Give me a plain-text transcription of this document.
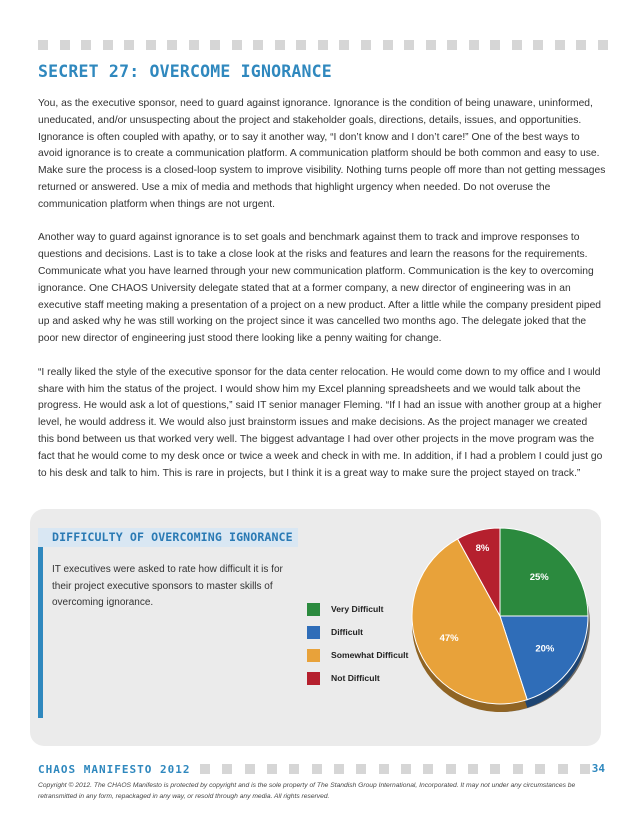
SECRET 27: OVERCOME IGNORANCE

You, as the executive sponsor, need to guard against ignorance. Ignorance is the condition of being unaware, uninformed, uneducated, and/or unsuspecting about the project and stakeholder goals, directions, details, issues, and opportunities. Ignorance is often coupled with apathy, or to say it another way, “I don’t know and I don’t care!” One of the best ways to avoid ignorance is to create a communication platform. A communication platform should be both common and easy to use. Make sure the process is a closed-loop system to improve visibility. Nothing turns people off more than not getting messages returned or answered. Use a mix of media and methods that highlight urgency when needed. Do not overuse the communication platform when things are not urgent.

Another way to guard against ignorance is to set goals and benchmark against them to track and improve responses to questions and decisions. Last is to take a close look at the risks and features and learn the reasons for the requirements. Communicate what you have learned through your new communication platform. Communication is the key to overcoming ignorance. One CHAOS University delegate stated that at a former company, a new director of engineering was in an executive staff meeting making a presentation of a project on a new product. After a little while the company president piped up and asked why he was still working on the project since it was cancelled two months ago. The delegate joked that the poor new director of engineering just stood there looking like a penny waiting for change.

“I really liked the style of the executive sponsor for the data center relocation. He would come down to my office and I would share with him the status of the project. I would show him my Excel planning spreadsheets and we would talk about the progress. He would ask a lot of questions,” said IT senior manager Fleming. “If I had an issue with another group at a higher level, he would address it. We would also just brainstorm issues and make decisions. As the project manager we created this bond between us that worked very well. The biggest advantage I had over other projects in the move program was the fact that he would come to my desk once or twice a week and check in with me. In addition, if I had a problem I could just go to his desk and talk to him. This is rare in projects, but I think it is a great way to make sure the project stayed on track.”

DIFFICULTY OF OVERCOMING IGNORANCE
IT executives were asked to rate how difficult it is for their project executive sponsors to master skills of overcoming ignorance.
Very Difficult
Difficult
Somewhat Difficult
Not Difficult
25%
20%
47%
8%
CHAOS MANIFESTO 2012	34
Copyright © 2012. The CHAOS Manifesto is protected by copyright and is the sole property of The Standish Group International, Incorporated. It may not under any circumstances be retransmitted in any form, repackaged in any way, or resold through any media. All rights reserved.
